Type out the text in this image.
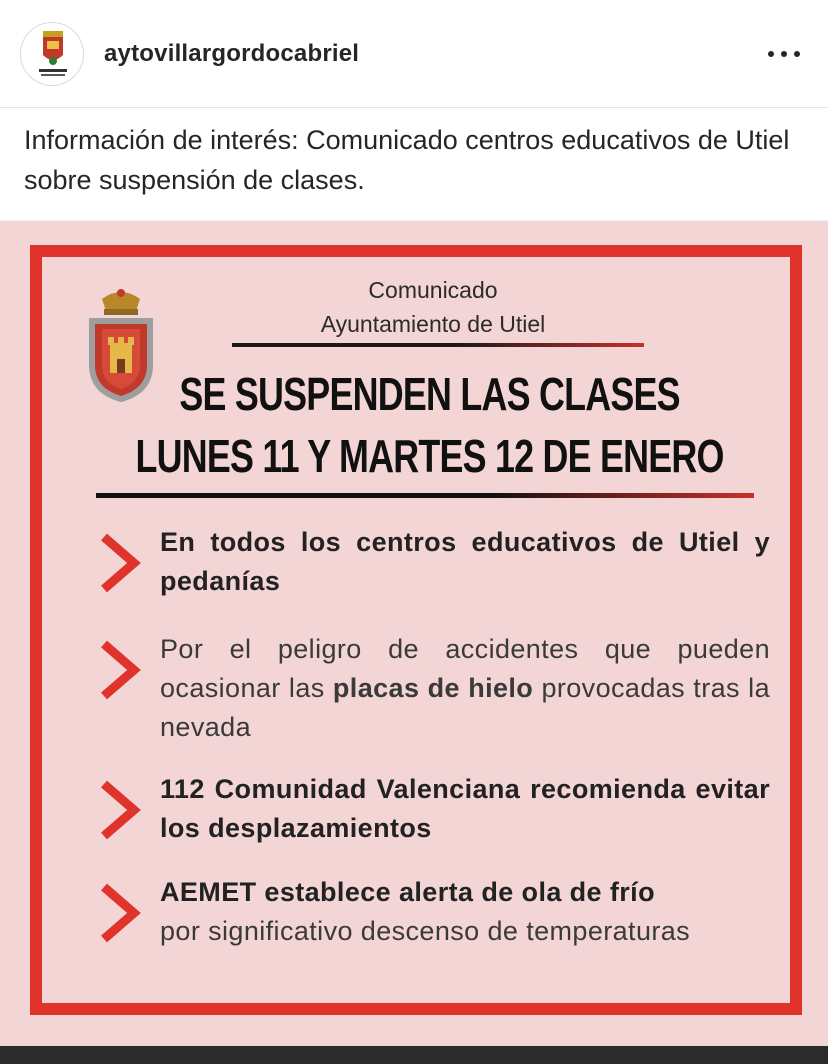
aytovillargordocabriel
Información de interés: Comunicado centros educativos de Utiel sobre suspensión de clases.
Comunicado
Ayuntamiento de Utiel
SE SUSPENDEN LAS CLASES
LUNES 11 Y MARTES 12 DE ENERO
En todos los centros educativos de Utiel y pedanías
Por el peligro de accidentes que pueden ocasionar las placas de hielo provocadas tras la nevada
112 Comunidad Valenciana recomienda evitar los desplazamientos
AEMET establece alerta de ola de frío
por significativo descenso de temperaturas
